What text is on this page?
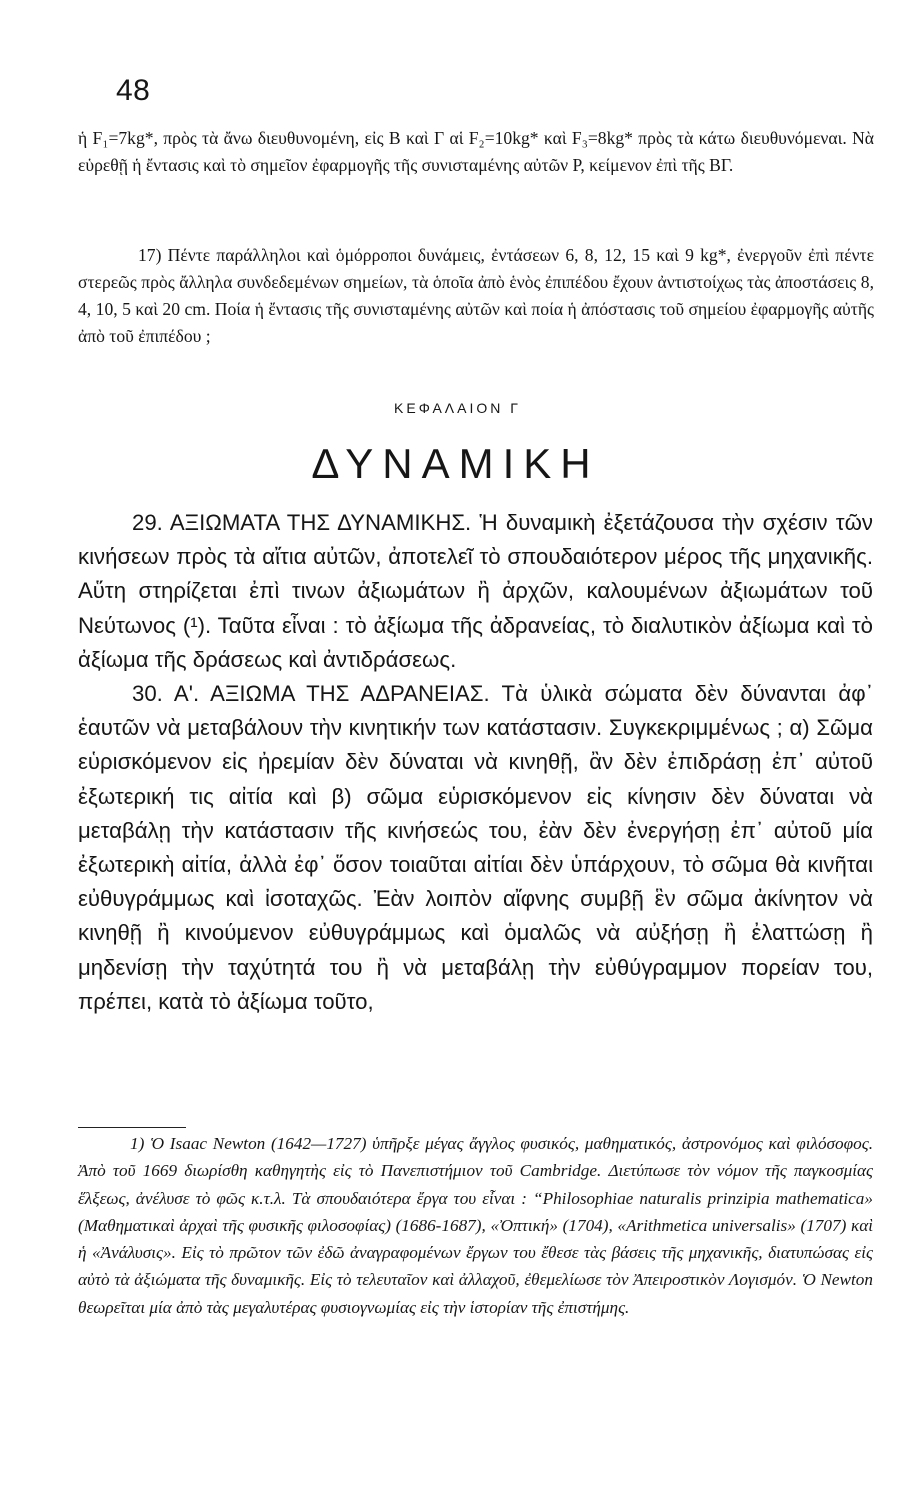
48

ἡ F₁=7kg*, πρὸς τὰ ἄνω διευθυνομένη, εἰς Β καὶ Γ αἱ F₂=10kg* καὶ F₃=8kg* πρὸς τὰ κάτω διευθυνόμεναι. Νὰ εὑρεθῇ ἡ ἔντασις καὶ τὸ σημεῖον ἐφαρμογῆς τῆς συνισταμένης αὐτῶν Ρ, κείμενον ἐπὶ τῆς ΒΓ.

17) Πέντε παράλληλοι καὶ ὁμόρροποι δυνάμεις, ἐντάσεων 6, 8, 12, 15 καὶ 9 kg*, ἐνεργοῦν ἐπὶ πέντε στερεῶς πρὸς ἄλληλα συνδεδεμένων σημείων, τὰ ὁποῖα ἀπὸ ἑνὸς ἐπιπέδου ἔχουν ἀντιστοίχως τὰς ἀποστάσεις 8, 4, 10, 5 καὶ 20 cm. Ποία ἡ ἔντασις τῆς συνισταμένης αὐτῶν καὶ ποία ἡ ἀπόστασις τοῦ σημείου ἐφαρμογῆς αὐτῆς ἀπὸ τοῦ ἐπιπέδου ;

ΚΕΦΑΛΑΙΟΝ Γ
ΔΥΝΑΜΙΚΗ

29. ΑΞΙΩΜΑΤΑ ΤΗΣ ΔΥΝΑΜΙΚΗΣ. Ἡ δυναμικὴ ἐξετάζουσα τὴν σχέσιν τῶν κινήσεων πρὸς τὰ αἴτια αὐτῶν, ἀποτελεῖ τὸ σπουδαιότερον μέρος τῆς μηχανικῆς. Αὕτη στηρίζεται ἐπὶ τινων ἀξιωμάτων ἢ ἀρχῶν, καλουμένων ἀξιωμάτων τοῦ Νεύτωνος (¹). Ταῦτα εἶναι : τὸ ἀξίωμα τῆς ἀδρανείας, τὸ διαλυτικὸν ἀξίωμα καὶ τὸ ἀξίωμα τῆς δράσεως καὶ ἀντιδράσεως.

30. Α'. ΑΞΙΩΜΑ ΤΗΣ ΑΔΡΑΝΕΙΑΣ. Τὰ ὑλικὰ σώματα δὲν δύνανται ἀφ᾿ ἑαυτῶν νὰ μεταβάλουν τὴν κινητικήν των κατάστασιν. Συγκεκριμμένως ; α) Σῶμα εὑρισκόμενον εἰς ἠρεμίαν δὲν δύναται νὰ κινηθῇ, ἂν δὲν ἐπιδράσῃ ἐπ᾿ αὐτοῦ ἐξωτερική τις αἰτία καὶ β) σῶμα εὑρισκόμενον εἰς κίνησιν δὲν δύναται νὰ μεταβάλῃ τὴν κατάστασιν τῆς κινήσεώς του, ἐὰν δὲν ἐνεργήσῃ ἐπ᾿ αὐτοῦ μία ἐξωτερικὴ αἰτία, ἀλλὰ ἐφ᾿ ὅσον τοιαῦται αἰτίαι δὲν ὑπάρχουν, τὸ σῶμα θὰ κινῆται εὐθυγράμμως καὶ ἰσοταχῶς. Ἐὰν λοιπὸν αἴφνης συμβῇ ἓν σῶμα ἀκίνητον νὰ κινηθῇ ἢ κινούμενον εὐθυγράμμως καὶ ὁμαλῶς νὰ αὐξήσῃ ἢ ἐλαττώσῃ ἢ μηδενίσῃ τὴν ταχύτητά του ἢ νὰ μεταβάλῃ τὴν εὐθύγραμμον πορείαν του, πρέπει, κατὰ τὸ ἀξίωμα τοῦτο,

1) Ὁ Isaac Newton (1642—1727) ὑπῆρξε μέγας ἄγγλος φυσικός, μαθηματικός, ἀστρονόμος καὶ φιλόσοφος. Ἀπὸ τοῦ 1669 διωρίσθη καθηγητὴς εἰς τὸ Πανεπιστήμιον τοῦ Cambridge. Διετύπωσε τὸν νόμον τῆς παγκοσμίας ἕλξεως, ἀνέλυσε τὸ φῶς κ.τ.λ. Τὰ σπουδαιότερα ἔργα του εἶναι : “Philosophiae naturalis prinzipia mathematica» (Μαθηματικαὶ ἀρχαὶ τῆς φυσικῆς φιλοσοφίας) (1686-1687), «Ὀπτική» (1704), «Arithmetica universalis» (1707) καὶ ἡ «Ἀνάλυσις». Εἰς τὸ πρῶτον τῶν ἐδῶ ἀναγραφομένων ἔργων του ἔθεσε τὰς βάσεις τῆς μηχανικῆς, διατυπώσας εἰς αὐτὸ τὰ ἀξιώματα τῆς δυναμικῆς. Εἰς τὸ τελευταῖον καὶ ἀλλαχοῦ, ἐθεμελίωσε τὸν Ἀπειροστικὸν Λογισμόν. Ὁ Newton θεωρεῖται μία ἀπὸ τὰς μεγαλυτέρας φυσιογνωμίας εἰς τὴν ἱστορίαν τῆς ἐπιστήμης.
